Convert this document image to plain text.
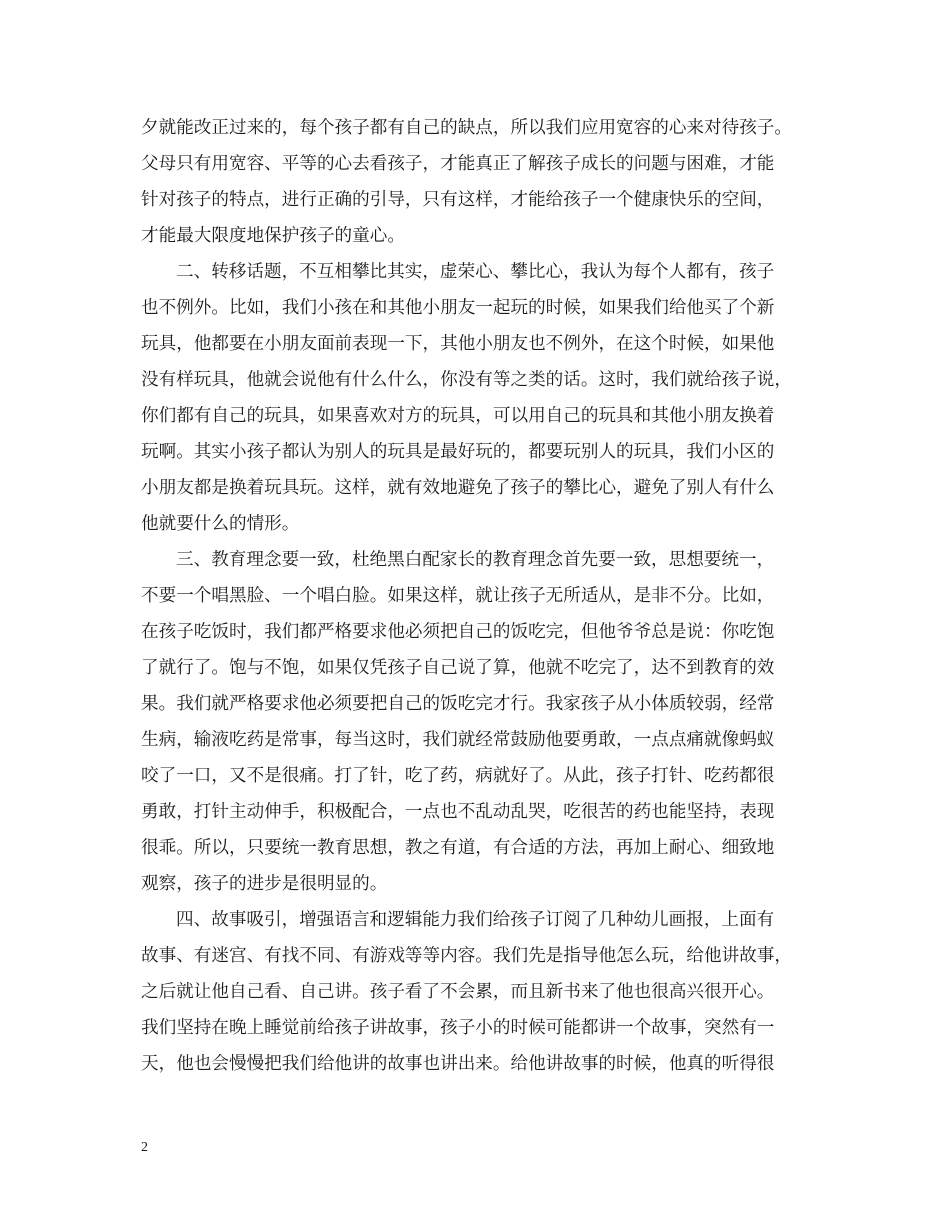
夕就能改正过来的，每个孩子都有自己的缺点，所以我们应用宽容的心来对待孩子。
父母只有用宽容、平等的心去看孩子，才能真正了解孩子成长的问题与困难，才能
针对孩子的特点，进行正确的引导，只有这样，才能给孩子一个健康快乐的空间，
才能最大限度地保护孩子的童心。
二、转移话题，不互相攀比其实，虚荣心、攀比心，我认为每个人都有，孩子
也不例外。比如，我们小孩在和其他小朋友一起玩的时候，如果我们给他买了个新
玩具，他都要在小朋友面前表现一下，其他小朋友也不例外，在这个时候，如果他
没有样玩具，他就会说他有什么什么，你没有等之类的话。这时，我们就给孩子说，
你们都有自己的玩具，如果喜欢对方的玩具，可以用自己的玩具和其他小朋友换着
玩啊。其实小孩子都认为别人的玩具是最好玩的，都要玩别人的玩具，我们小区的
小朋友都是换着玩具玩。这样，就有效地避免了孩子的攀比心，避免了别人有什么
他就要什么的情形。
三、教育理念要一致，杜绝黑白配家长的教育理念首先要一致，思想要统一，
不要一个唱黑脸、一个唱白脸。如果这样，就让孩子无所适从，是非不分。比如，
在孩子吃饭时，我们都严格要求他必须把自己的饭吃完，但他爷爷总是说：你吃饱
了就行了。饱与不饱，如果仅凭孩子自己说了算，他就不吃完了，达不到教育的效
果。我们就严格要求他必须要把自己的饭吃完才行。我家孩子从小体质较弱，经常
生病，输液吃药是常事，每当这时，我们就经常鼓励他要勇敢，一点点痛就像蚂蚁
咬了一口，又不是很痛。打了针，吃了药，病就好了。从此，孩子打针、吃药都很
勇敢，打针主动伸手，积极配合，一点也不乱动乱哭，吃很苦的药也能坚持，表现
很乖。所以，只要统一教育思想，教之有道，有合适的方法，再加上耐心、细致地
观察，孩子的进步是很明显的。
四、故事吸引，增强语言和逻辑能力我们给孩子订阅了几种幼儿画报，上面有
故事、有迷宫、有找不同、有游戏等等内容。我们先是指导他怎么玩，给他讲故事，
之后就让他自己看、自己讲。孩子看了不会累，而且新书来了他也很高兴很开心。
我们坚持在晚上睡觉前给孩子讲故事，孩子小的时候可能都讲一个故事，突然有一
天，他也会慢慢把我们给他讲的故事也讲出来。给他讲故事的时候，他真的听得很
2
